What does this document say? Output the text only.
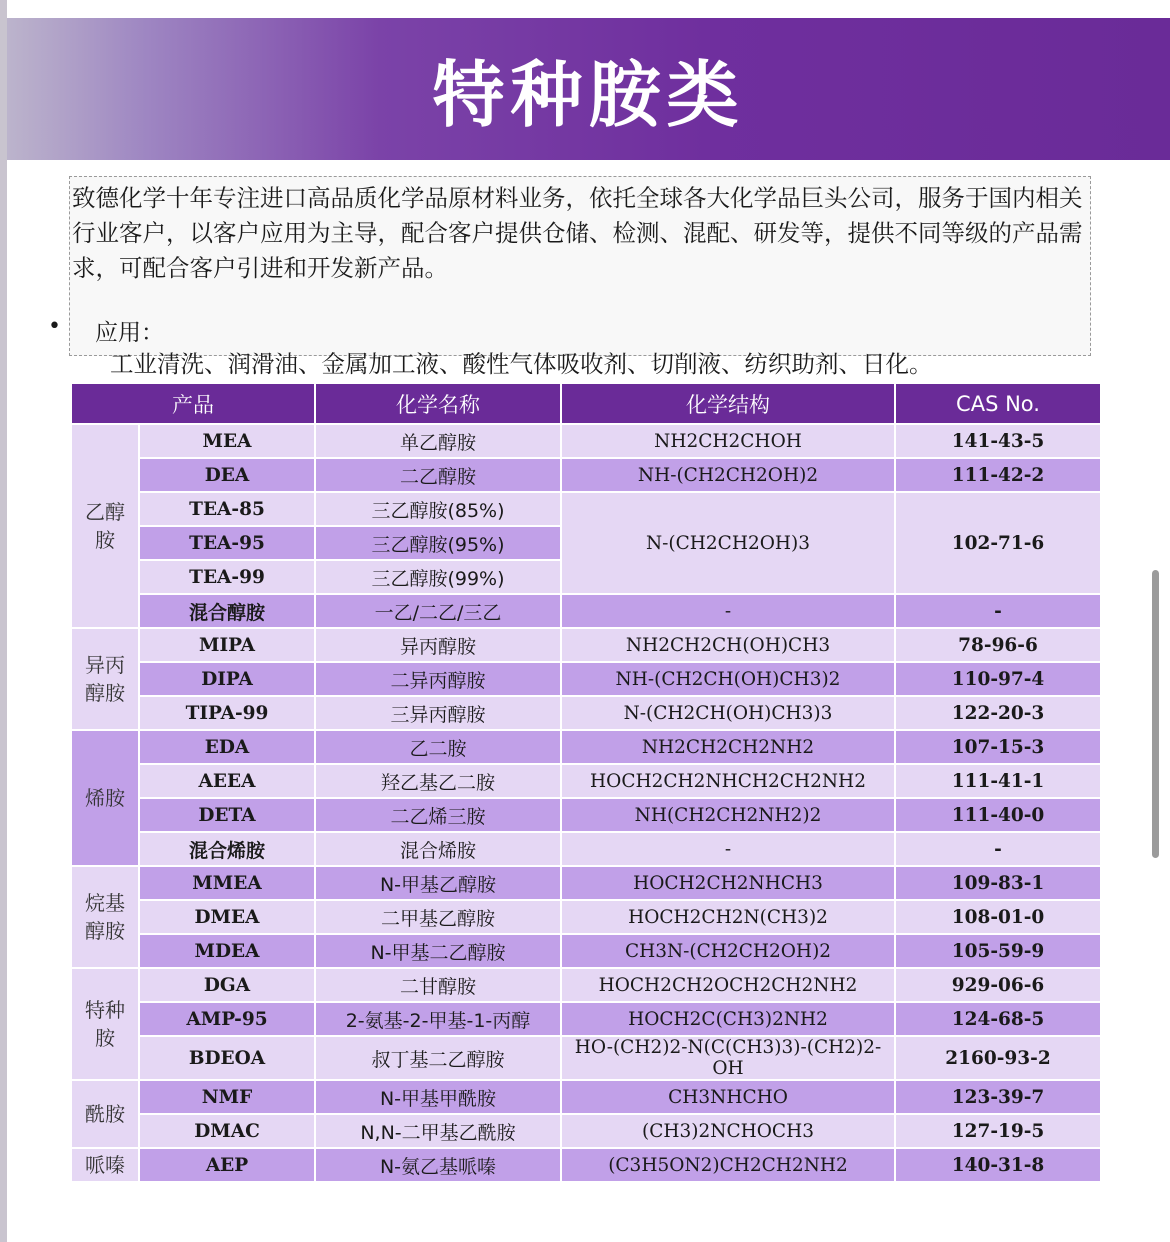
特种胺类

致德化学十年专注进口高品质化学品原材料业务，依托全球各大化学品巨头公司，服务于国内相关行业客户，以客户应用为主导，配合客户提供仓储、检测、混配、研发等，提供不同等级的产品需求，可配合客户引进和开发新产品。

• 应用：
工业清洗、润滑油、金属加工液、酸性气体吸收剂、切削液、纺织助剂、日化。
产品		化学名称	化学结构	CAS No.
乙醇胺	MEA	单乙醇胺	NH2CH2CHOH	141-43-5
	DEA	二乙醇胺	NH-(CH2CH2OH)2	111-42-2
	TEA-85	三乙醇胺(85%)	N-(CH2CH2OH)3	102-71-6
	TEA-95	三乙醇胺(95%)		
	TEA-99	三乙醇胺(99%)		
	混合醇胺	一乙/二乙/三乙	-	-
异丙醇胺	MIPA	异丙醇胺	NH2CH2CH(OH)CH3	78-96-6
	DIPA	二异丙醇胺	NH-(CH2CH(OH)CH3)2	110-97-4
	TIPA-99	三异丙醇胺	N-(CH2CH(OH)CH3)3	122-20-3
烯胺	EDA	乙二胺	NH2CH2CH2NH2	107-15-3
	AEEA	羟乙基乙二胺	HOCH2CH2NHCH2CH2NH2	111-41-1
	DETA	二乙烯三胺	NH(CH2CH2NH2)2	111-40-0
	混合烯胺	混合烯胺	-	-
烷基醇胺	MMEA	N-甲基乙醇胺	HOCH2CH2NHCH3	109-83-1
	DMEA	二甲基乙醇胺	HOCH2CH2N(CH3)2	108-01-0
	MDEA	N-甲基二乙醇胺	CH3N-(CH2CH2OH)2	105-59-9
特种胺	DGA	二甘醇胺	HOCH2CH2OCH2CH2NH2	929-06-6
	AMP-95	2-氨基-2-甲基-1-丙醇	HOCH2C(CH3)2NH2	124-68-5
	BDEOA	叔丁基二乙醇胺	HO-(CH2)2-N(C(CH3)3)-(CH2)2-OH	2160-93-2
酰胺	NMF	N-甲基甲酰胺	CH3NHCHO	123-39-7
	DMAC	N,N-二甲基乙酰胺	(CH3)2NCHOCH3	127-19-5
哌嗪	AEP	N-氨乙基哌嗪	(C3H5ON2)CH2CH2NH2	140-31-8
